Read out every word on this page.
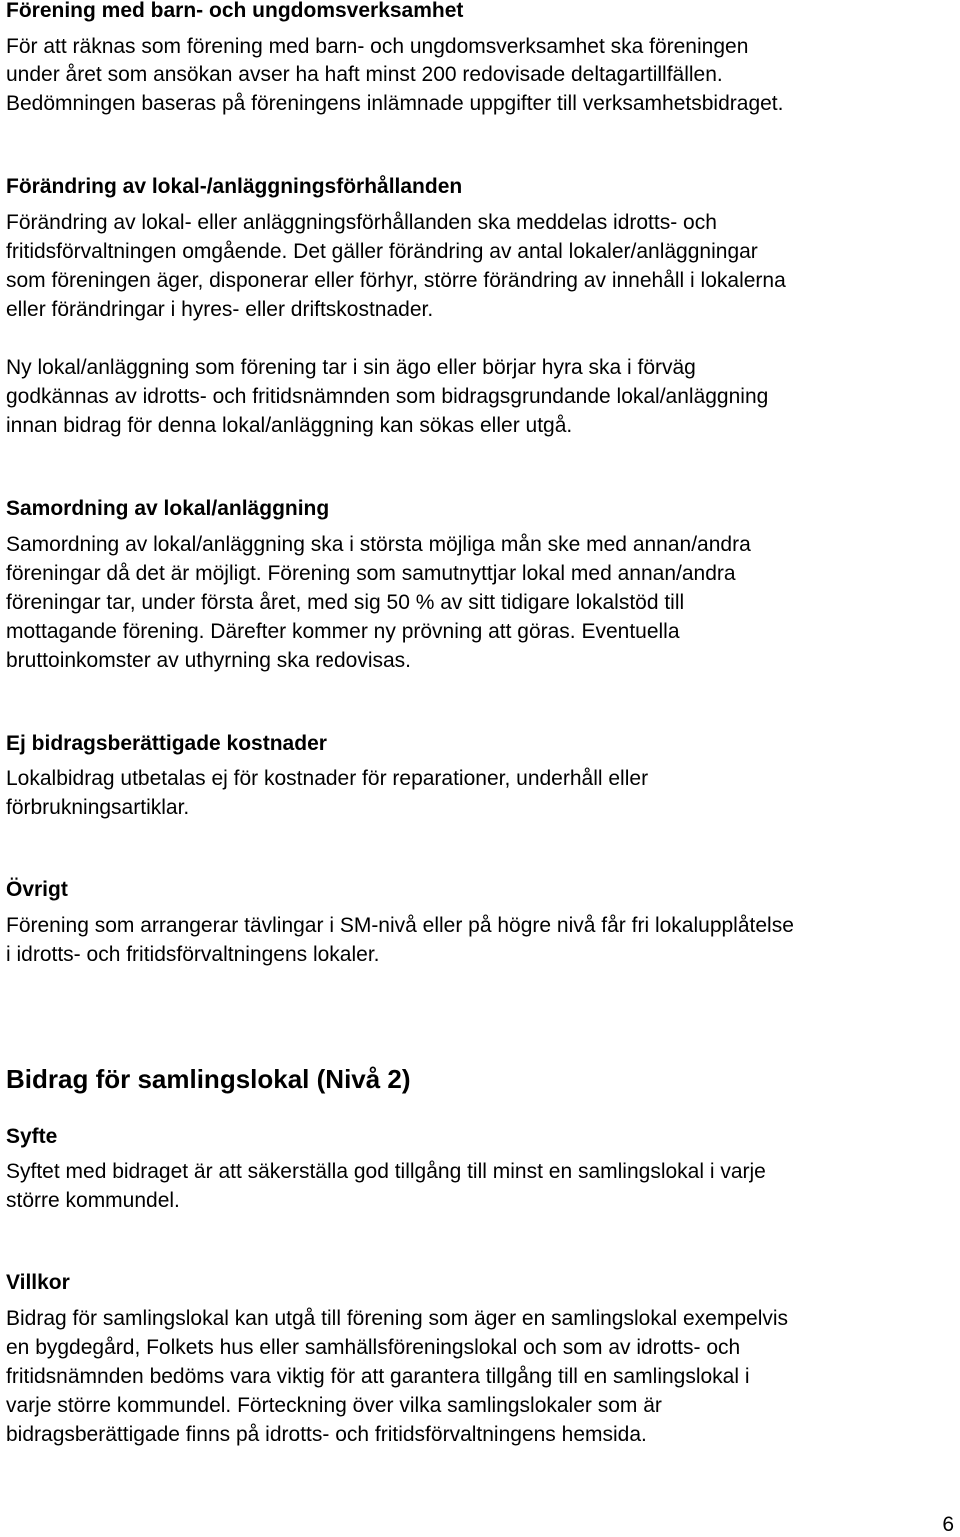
Förening med barn- och ungdomsverksamhet

För att räknas som förening med barn- och ungdomsverksamhet ska föreningen

under året som ansökan avser ha haft minst 200 redovisade deltagartillfällen.

Bedömningen baseras på föreningens inlämnade uppgifter till verksamhetsbidraget.

Förändring av lokal-/anläggningsförhållanden

Förändring av lokal- eller anläggningsförhållanden ska meddelas idrotts- och

fritidsförvaltningen omgående. Det gäller förändring av antal lokaler/anläggningar

som föreningen äger, disponerar eller förhyr, större förändring av innehåll i lokalerna

eller förändringar i hyres- eller driftskostnader.

Ny lokal/anläggning som förening tar i sin ägo eller börjar hyra ska i förväg

godkännas av idrotts- och fritidsnämnden som bidragsgrundande lokal/anläggning

innan bidrag för denna lokal/anläggning kan sökas eller utgå.

Samordning av lokal/anläggning

Samordning av lokal/anläggning ska i största möjliga mån ske med annan/andra

föreningar då det är möjligt. Förening som samutnyttjar lokal med annan/andra

föreningar tar, under första året, med sig 50 % av sitt tidigare lokalstöd till

mottagande förening. Därefter kommer ny prövning att göras. Eventuella

bruttoinkomster av uthyrning ska redovisas.

Ej bidragsberättigade kostnader

Lokalbidrag utbetalas ej för kostnader för reparationer, underhåll eller

förbrukningsartiklar.

Övrigt

Förening som arrangerar tävlingar i SM-nivå eller på högre nivå får fri lokalupplåtelse

i idrotts- och fritidsförvaltningens lokaler.

Bidrag för samlingslokal (Nivå 2)
Syfte

Syftet med bidraget är att säkerställa god tillgång till minst en samlingslokal i varje

större kommundel.

Villkor

Bidrag för samlingslokal kan utgå till förening som äger en samlingslokal exempelvis

en bygdegård, Folkets hus eller samhällsföreningslokal och som av idrotts- och

fritidsnämnden bedöms vara viktig för att garantera tillgång till en samlingslokal i

varje större kommundel. Förteckning över vilka samlingslokaler som är

bidragsberättigade finns på idrotts- och fritidsförvaltningens hemsida.

6
